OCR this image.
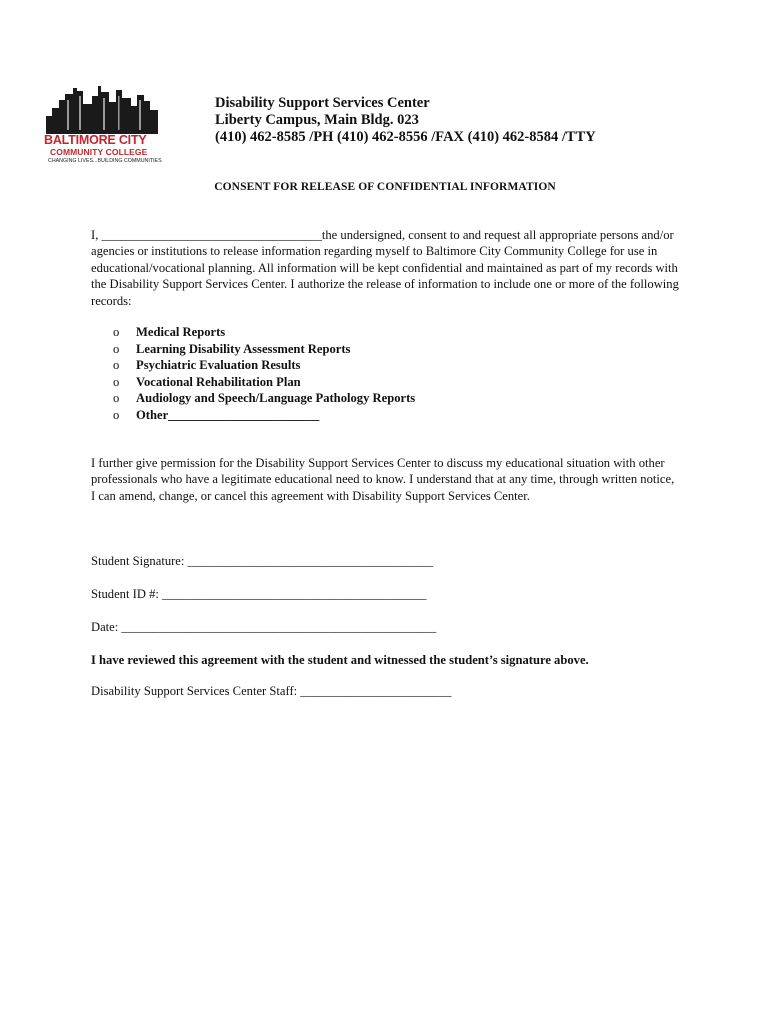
BALTIMORE CITY
COMMUNITY COLLEGE
CHANGING LIVES...BUILDING COMMUNITIES
Disability Support Services Center
Liberty Campus, Main Bldg. 023
(410) 462-8585 /PH (410) 462-8556 /FAX (410) 462-8584 /TTY
CONSENT FOR RELEASE OF CONFIDENTIAL INFORMATION
I, ___________________________________the undersigned, consent to and request all appropriate persons and/or agencies or institutions to release information regarding myself to Baltimore City Community College for use in educational/vocational planning. All information will be kept confidential and maintained as part of my records with the Disability Support Services Center. I authorize the release of information to include one or more of the following records:
o Medical Reports
o Learning Disability Assessment Reports
o Psychiatric Evaluation Results
o Vocational Rehabilitation Plan
o Audiology and Speech/Language Pathology Reports
o Other________________________
I further give permission for the Disability Support Services Center to discuss my educational situation with other professionals who have a legitimate educational need to know. I understand that at any time, through written notice, I can amend, change, or cancel this agreement with Disability Support Services Center.
Student Signature: _______________________________________
Student ID #: __________________________________________
Date: __________________________________________________
I have reviewed this agreement with the student and witnessed the student’s signature above.
Disability Support Services Center Staff: ________________________
